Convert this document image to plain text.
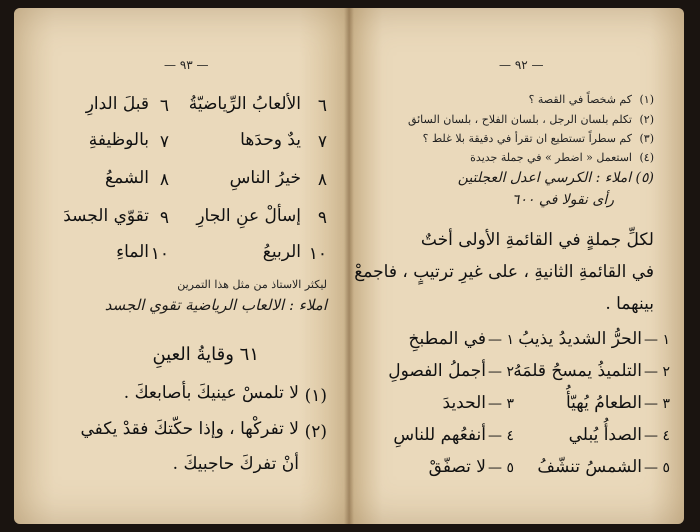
— ٩٣ —
٦
الألعابُ الرِّياضيّةُ
٦
قبلَ الدارِ
٧
يدٌ وحدَها
٧
بالوظيفةِ
٨
خيرُ الناسِ
٨
الشمعُ
٩
إسألْ عنِ الجارِ
٩
تقوّي الجسدَ
١٠
الربيعُ
١٠
الماءِ
ليكثر الاستاذ من مثل هذا التمرين
املاء : الالعاب الرياضية تقوي الجسد
٦١ وقايةُ العينِ
(١)
لا تلمسْ عينيكَ بأصابعكَ .
(٢)
لا تفركْها ، وإذا حكّتكَ فقدْ يكفي
أنْ تفركَ حاجبيكَ .
— ٩٢ —
(١)
كم شخصاً في القصة ؟
(٢)
تكلم بلسان الرجل ، بلسان الفلاح ، بلسان السائق
(٣)
كم سطراً تستطيع ان تقرأ في دقيقة بلا غلط ؟
(٤)
استعمل « اضطر » في جملة جديدة
(٥) املاء : الكرسي اعدل العجلتين
رأى نقولا في ٦٠٠
لكلِّ جملةٍ في القائمةِ الأولى أختٌ
في القائمةِ الثانيةِ ، على غيرِ ترتيبٍ ، فاجمعْ
بينهما .
١ —
الحرُّ الشديدُ يذيبُ
١ —
في المطبخِ
٢ —
التلميذُ يمسحُ قلمَهُ
٢ —
أجملُ الفصولِ
٣ —
الطعامُ يُهيّأُ
٣ —
الحديدَ
٤ —
الصدأُ يُبلي
٤ —
أنفعُهم للناسِ
٥ —
الشمسُ تنشّفُ
٥ —
لا تصفّقْ
